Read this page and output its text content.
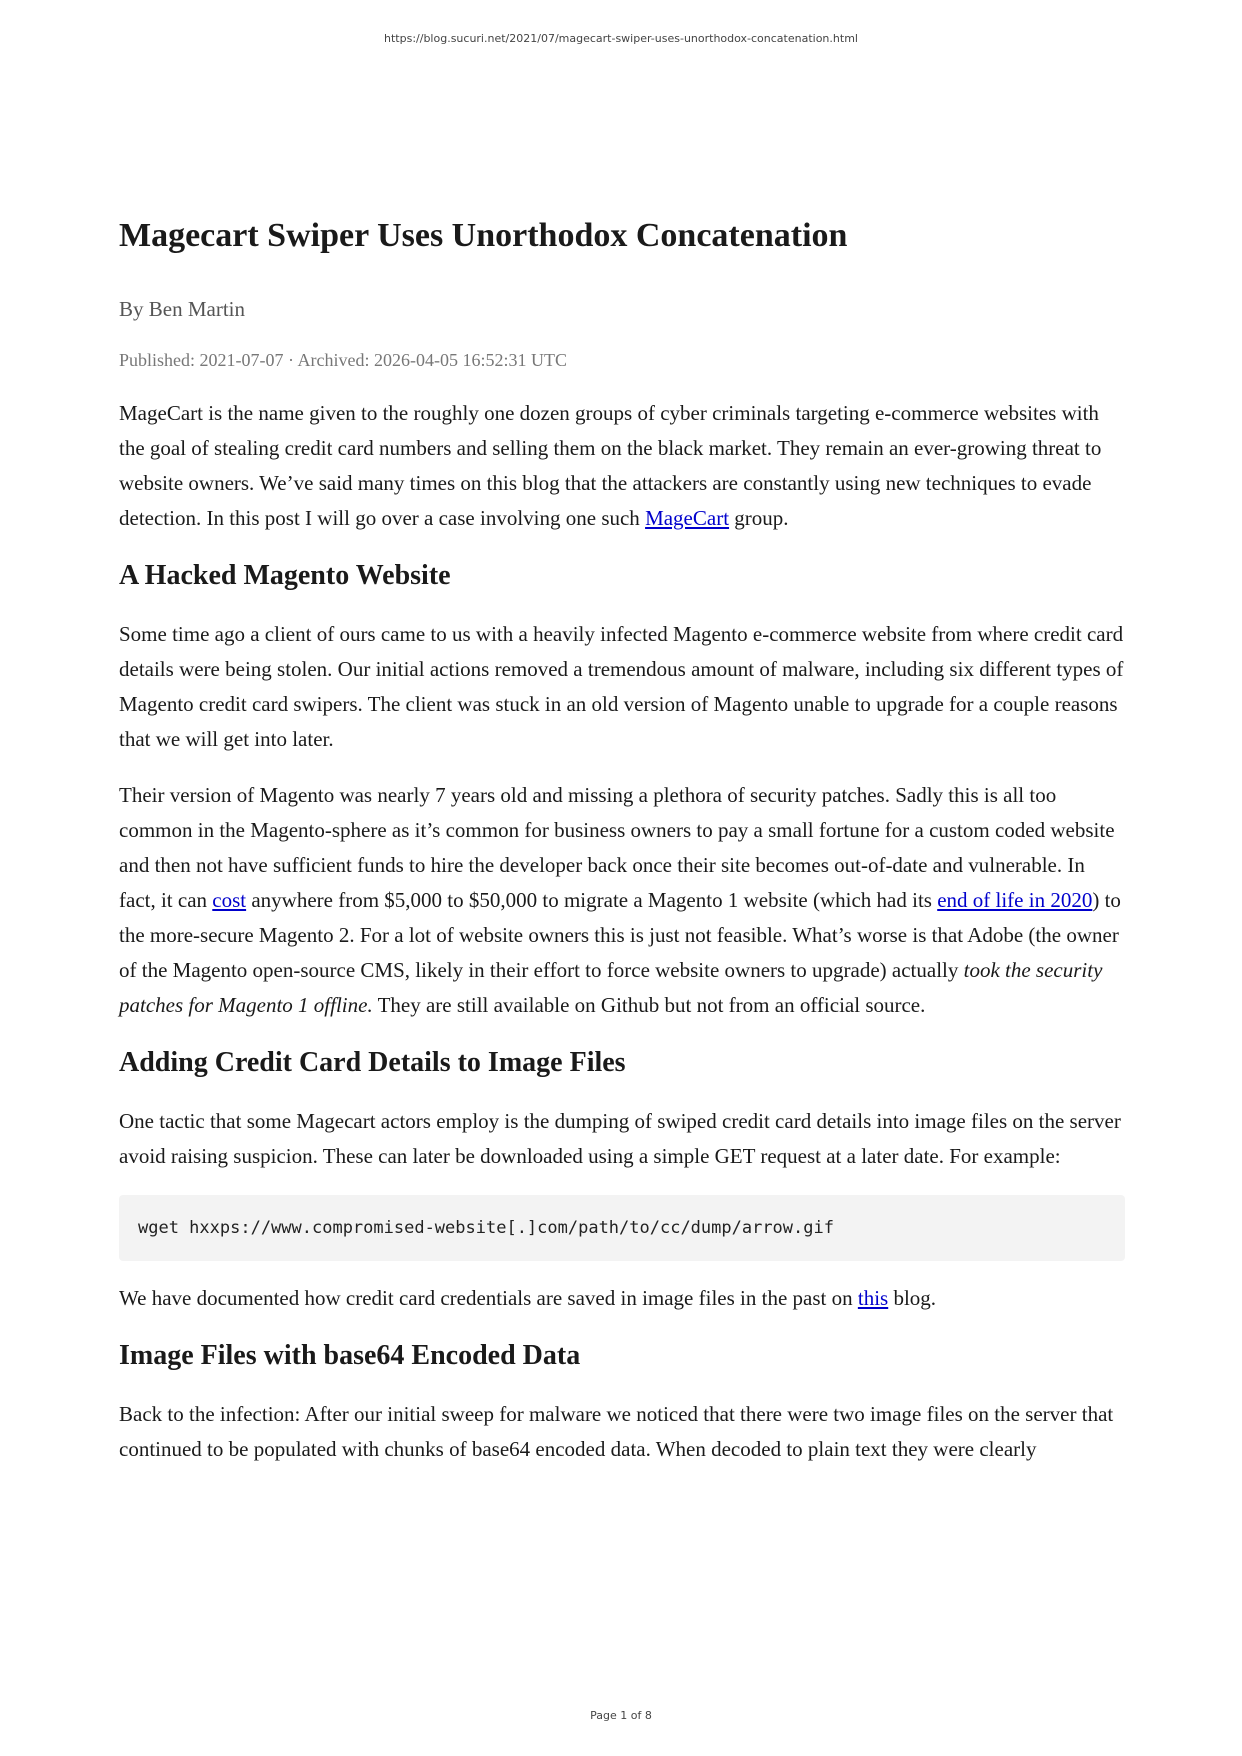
https://blog.sucuri.net/2021/07/magecart-swiper-uses-unorthodox-concatenation.html
Magecart Swiper Uses Unorthodox Concatenation
By Ben Martin
Published: 2021-07-07 · Archived: 2026-04-05 16:52:31 UTC

MageCart is the name given to the roughly one dozen groups of cyber criminals targeting e-commerce websites with the goal of stealing credit card numbers and selling them on the black market. They remain an ever-growing threat to website owners. We’ve said many times on this blog that the attackers are constantly using new techniques to evade detection. In this post I will go over a case involving one such MageCart group.

A Hacked Magento Website

Some time ago a client of ours came to us with a heavily infected Magento e-commerce website from where credit card details were being stolen. Our initial actions removed a tremendous amount of malware, including six different types of Magento credit card swipers. The client was stuck in an old version of Magento unable to upgrade for a couple reasons that we will get into later.

Their version of Magento was nearly 7 years old and missing a plethora of security patches. Sadly this is all too common in the Magento-sphere as it’s common for business owners to pay a small fortune for a custom coded website and then not have sufficient funds to hire the developer back once their site becomes out-of-date and vulnerable. In fact, it can cost anywhere from $5,000 to $50,000 to migrate a Magento 1 website (which had its end of life in 2020) to the more-secure Magento 2. For a lot of website owners this is just not feasible. What’s worse is that Adobe (the owner of the Magento open-source CMS, likely in their effort to force website owners to upgrade) actually took the security patches for Magento 1 offline. They are still available on Github but not from an official source.

Adding Credit Card Details to Image Files

One tactic that some Magecart actors employ is the dumping of swiped credit card details into image files on the server avoid raising suspicion. These can later be downloaded using a simple GET request at a later date. For example:

wget hxxps://www.compromised-website[.]com/path/to/cc/dump/arrow.gif

We have documented how credit card credentials are saved in image files in the past on this blog.

Image Files with base64 Encoded Data

Back to the infection: After our initial sweep for malware we noticed that there were two image files on the server that continued to be populated with chunks of base64 encoded data. When decoded to plain text they were clearly

Page 1 of 8
